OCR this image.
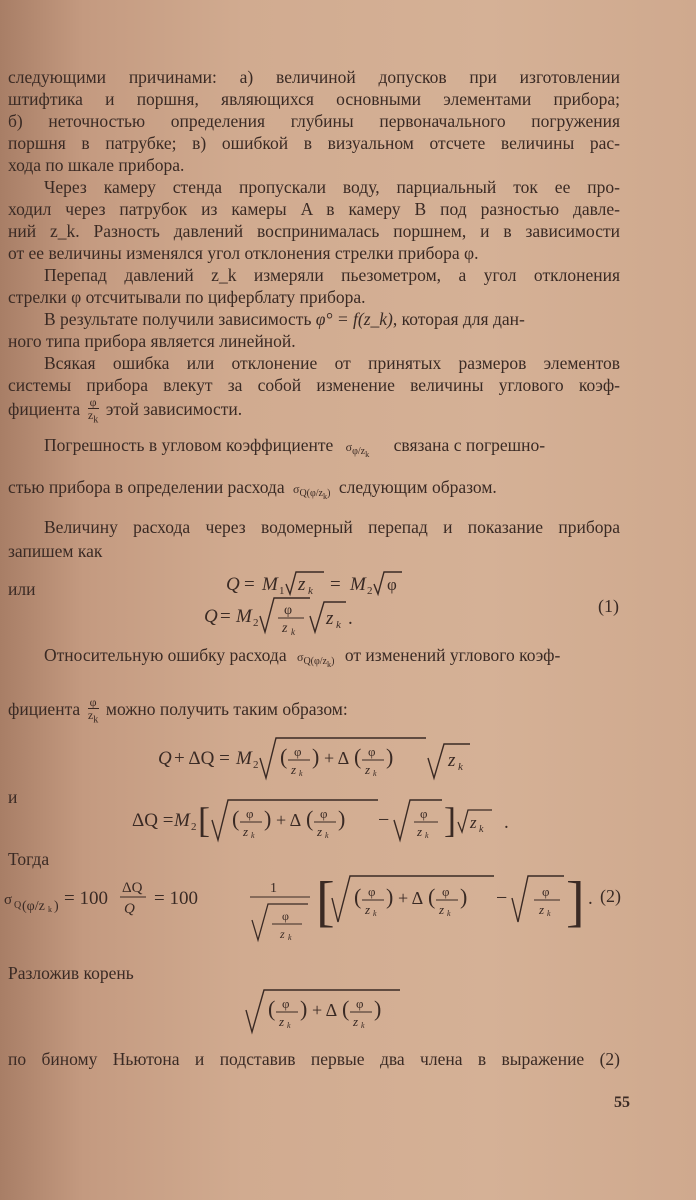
следующими причинами: а) величиной допусков при изготовлении
штифтика и поршня, являющихся основными элементами прибора;
б) неточностью определения глубины первоначального погружения
поршня в патрубке; в) ошибкой в визуальном отсчете величины рас-
хода по шкале прибора.
Через камеру стенда пропускали воду, парциальный ток ее про-
ходил через патрубок из камеры A в камеру B под разностью давле-
ний z_k. Разность давлений воспринималась поршнем, и в зависимости
от ее величины изменялся угол отклонения стрелки прибора φ.
Перепад давлений z_k измеряли пьезометром, а угол отклонения
стрелки φ отсчитывали по циферблату прибора.
В результате получили зависимость φ° = f(z_k), которая для дан-
ного типа прибора является линейной.
Всякая ошибка или отклонение от принятых размеров элементов
системы прибора влекут за собой изменение величины углового коэф-
фициента $\frac{\varphi}{z_k}$ этой зависимости.
Погрешность в угловом коэффициенте $\sigma_{\varphi/z_k}$ связана с погрешно-
стью прибора в определении расхода $\sigma_{Q(\varphi/z_k)}$ следующим образом.
Величину расхода через водомерный перепад и показание прибора
запишем как
Q = M 1 z k = M 2 φ
или
Q = M 2
φ
z k
z k .
(1)
Относительную ошибку расхода $\sigma_{Q(\varphi/z_k)}$ от изменений углового коэф-
фициента $\frac{\varphi}{z_k}$ можно получить таким образом:
Q + ΔQ = M 2 ( φ
z k
) + Δ ( φ
z k
)	z k
и
ΔQ = M 2 [ ( φ
z k
) + Δ ( φ
z k
) − φ
z k ] z k .
Тогда
σ Q (φ/z k ) = 100 ΔQ
Q = 100	1
φ
z k
[ ( φ
z k
) + Δ ( φ
z k
) −	φ
z k ] . (2)
Разложив корень
( φ
z k
) + Δ ( φ
z k
)
по биному Ньютона и подставив первые два члена в выражение (2)
55
